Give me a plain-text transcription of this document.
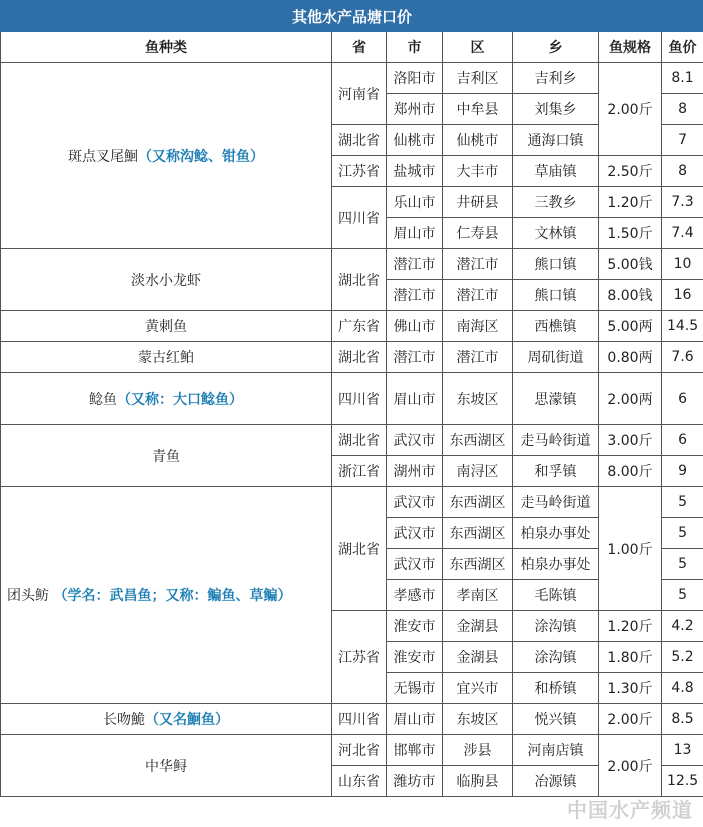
其他水产品塘口价						
鱼种类	省	市	区	乡	鱼规格	鱼价
斑点叉尾鮰（又称沟鲶、钳鱼）	河南省	洛阳市	吉利区	吉利乡	2.00斤	8.1
		郑州市	中牟县	刘集乡		8
	湖北省	仙桃市	仙桃市	通海口镇		7
	江苏省	盐城市	大丰市	草庙镇	2.50斤	8
	四川省	乐山市	井研县	三教乡	1.20斤	7.3
		眉山市	仁寿县	文林镇	1.50斤	7.4
淡水小龙虾	湖北省	潜江市	潜江市	熊口镇	5.00钱	10
		潜江市	潜江市	熊口镇	8.00钱	16
黄刺鱼	广东省	佛山市	南海区	西樵镇	5.00两	14.5
蒙古红鲌	湖北省	潜江市	潜江市	周矶街道	0.80两	7.6
鲶鱼（又称：大口鲶鱼）	四川省	眉山市	东坡区	思濛镇	2.00两	6
青鱼	湖北省	武汉市	东西湖区	走马岭街道	3.00斤	6
	浙江省	湖州市	南浔区	和孚镇	8.00斤	9
团头鲂 （学名：武昌鱼；又称：鳊鱼、草鳊）	湖北省	武汉市	东西湖区	走马岭街道	1.00斤	5
		武汉市	东西湖区	柏泉办事处		5
		武汉市	东西湖区	柏泉办事处		5
		孝感市	孝南区	毛陈镇		5
	江苏省	淮安市	金湖县	涂沟镇	1.20斤	4.2
		淮安市	金湖县	涂沟镇	1.80斤	5.2
		无锡市	宜兴市	和桥镇	1.30斤	4.8
长吻鮠（又名鮰鱼）	四川省	眉山市	东坡区	悦兴镇	2.00斤	8.5
中华鲟	河北省	邯郸市	涉县	河南店镇	2.00斤	13
	山东省	潍坊市	临朐县	冶源镇		12.5
中国水产频道
